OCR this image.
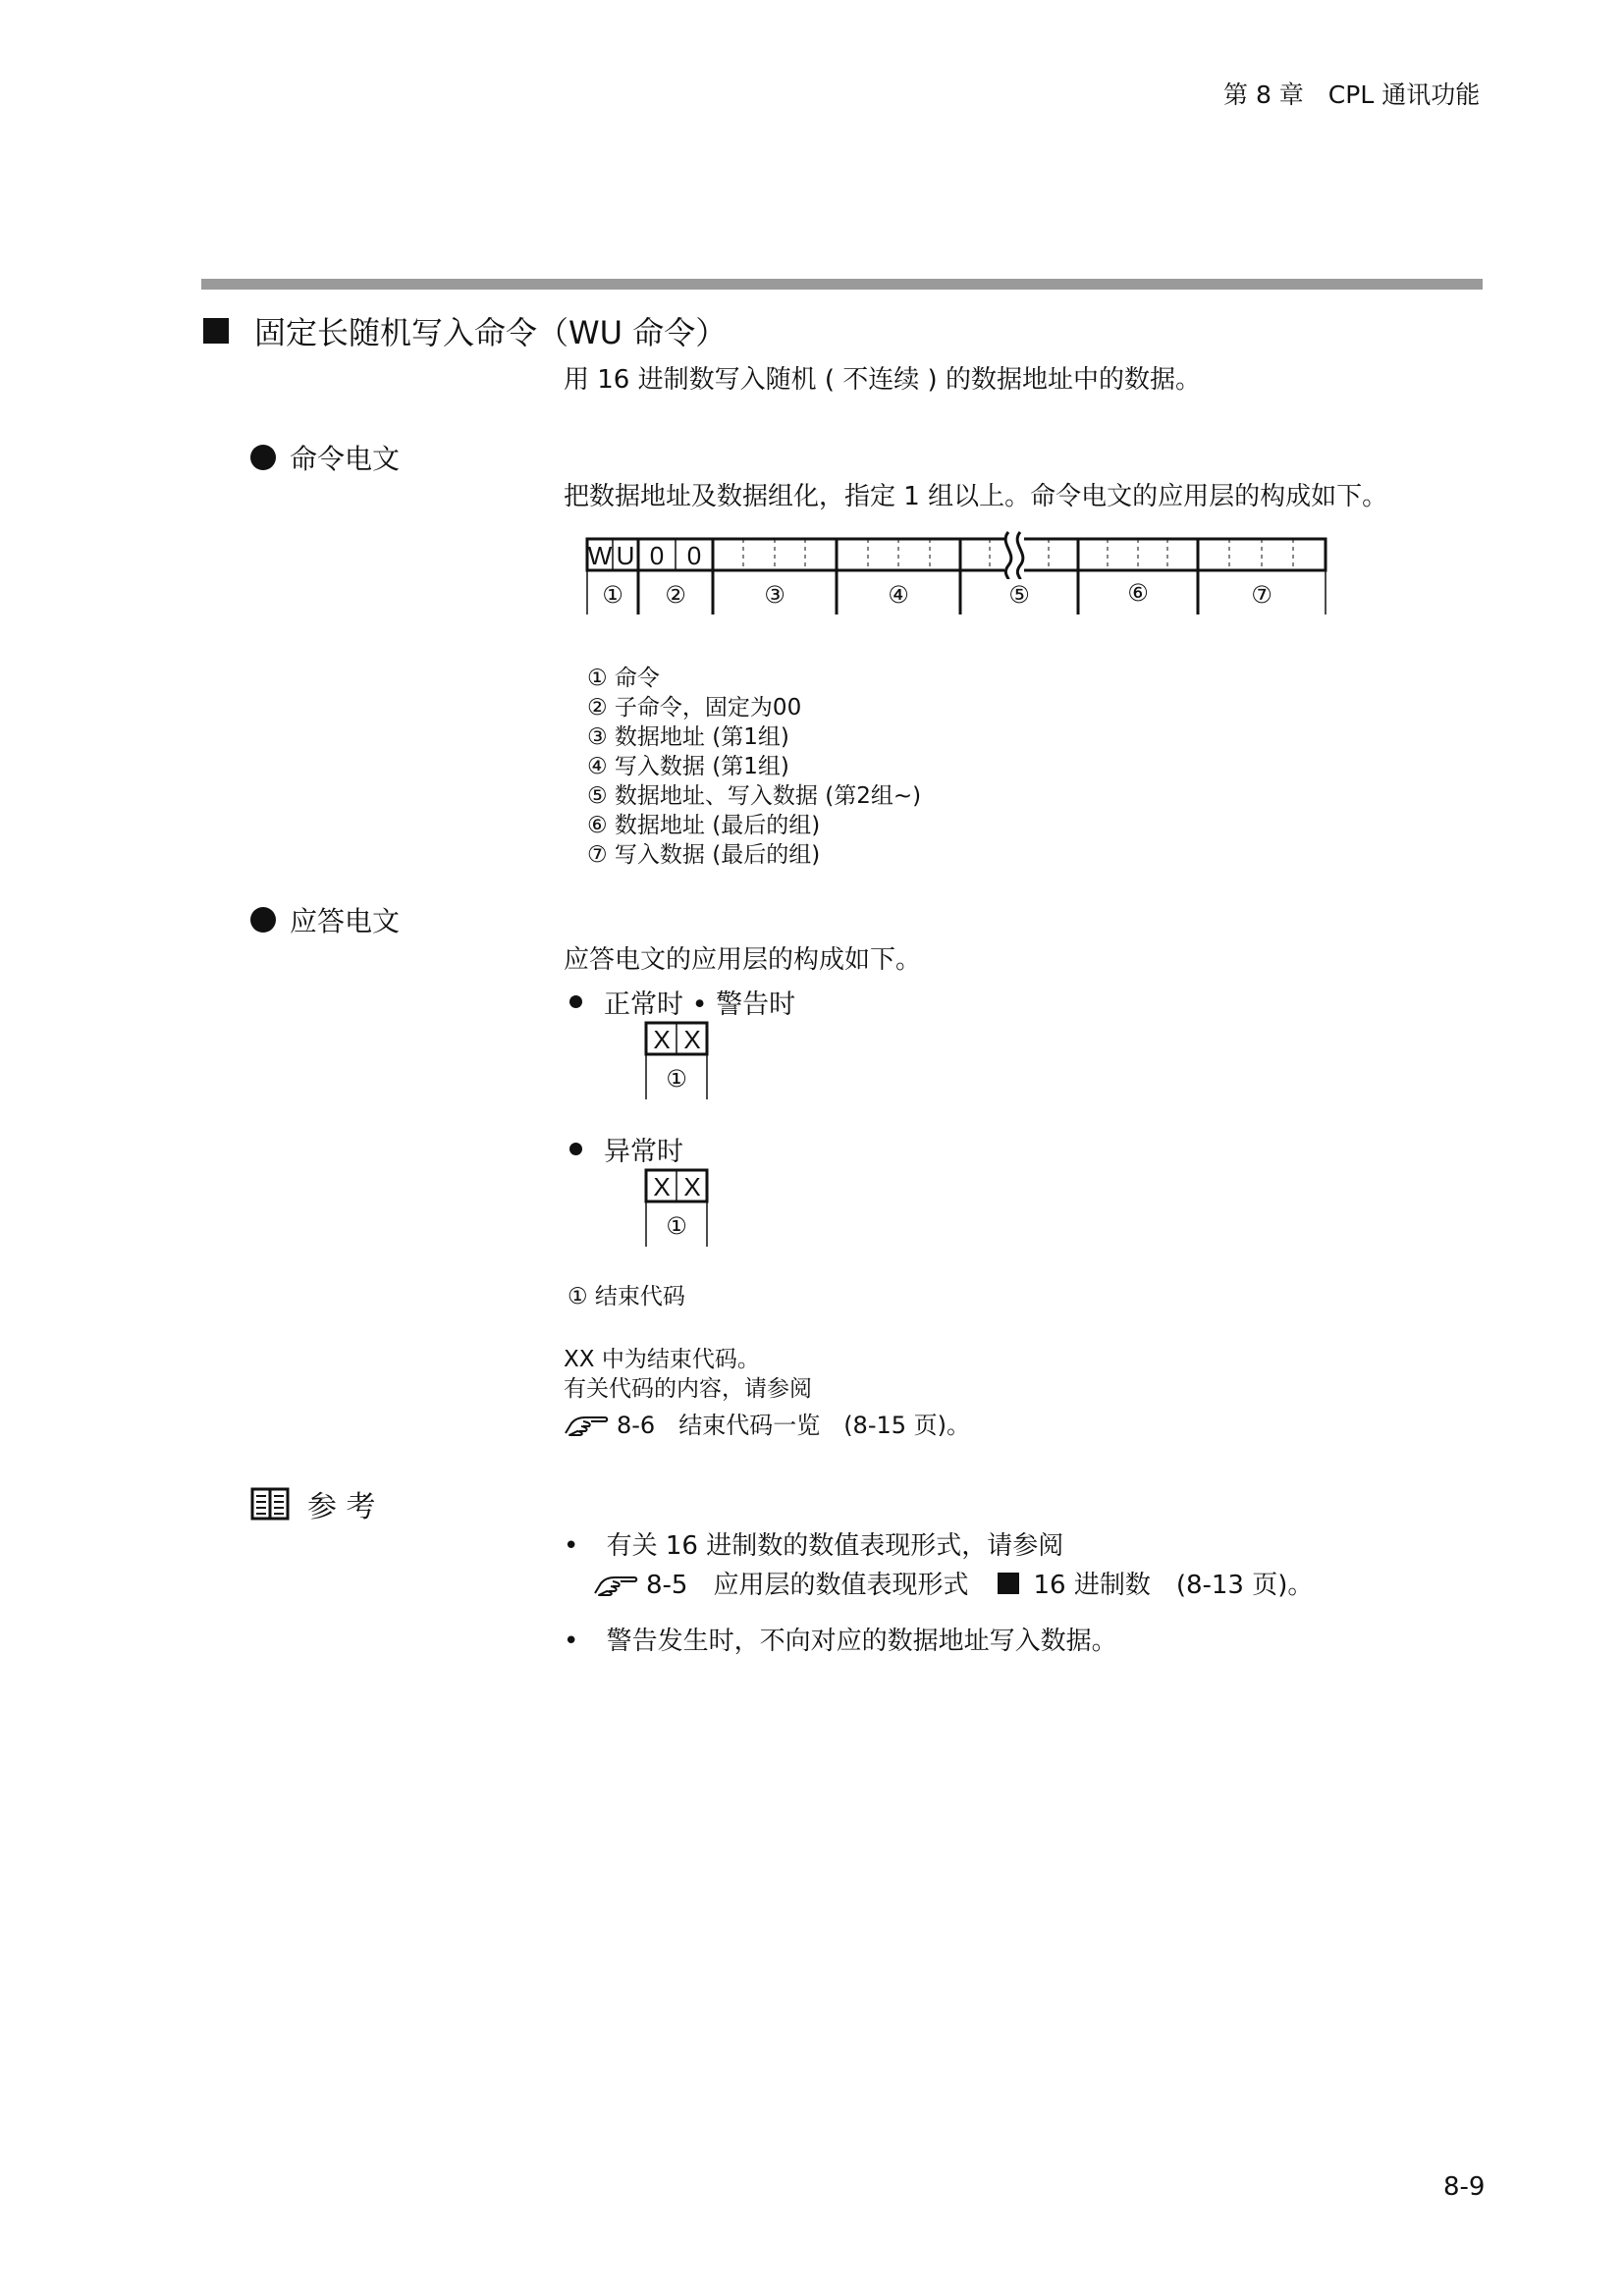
第 8 章　CPL 通讯功能
固定长随机写入命令（WU 命令）
用 16 进制数写入随机 ( 不连续 ) 的数据地址中的数据。
命令电文
把数据地址及数据组化，指定 1 组以上。命令电文的应用层的构成如下。
W U 0 0
① ②	③	④	⑤	⑥	⑦
① 命令
② 子命令，固定为00
③ 数据地址 (第1组)
④ 写入数据 (第1组)
⑤ 数据地址、写入数据 (第2组~)
⑥ 数据地址 (最后的组)
⑦ 写入数据 (最后的组)
应答电文
应答电文的应用层的构成如下。
正常时 • 警告时
X X
①
异常时
X X
①
① 结束代码
XX 中为结束代码。
有关代码的内容，请参阅
8-6　结束代码一览　(8-15 页)。
参 考
• 有关 16 进制数的数值表现形式，请参阅
8-5　应用层的数值表现形式	16 进制数　(8-13 页)。
• 警告发生时，不向对应的数据地址写入数据。
8-9
